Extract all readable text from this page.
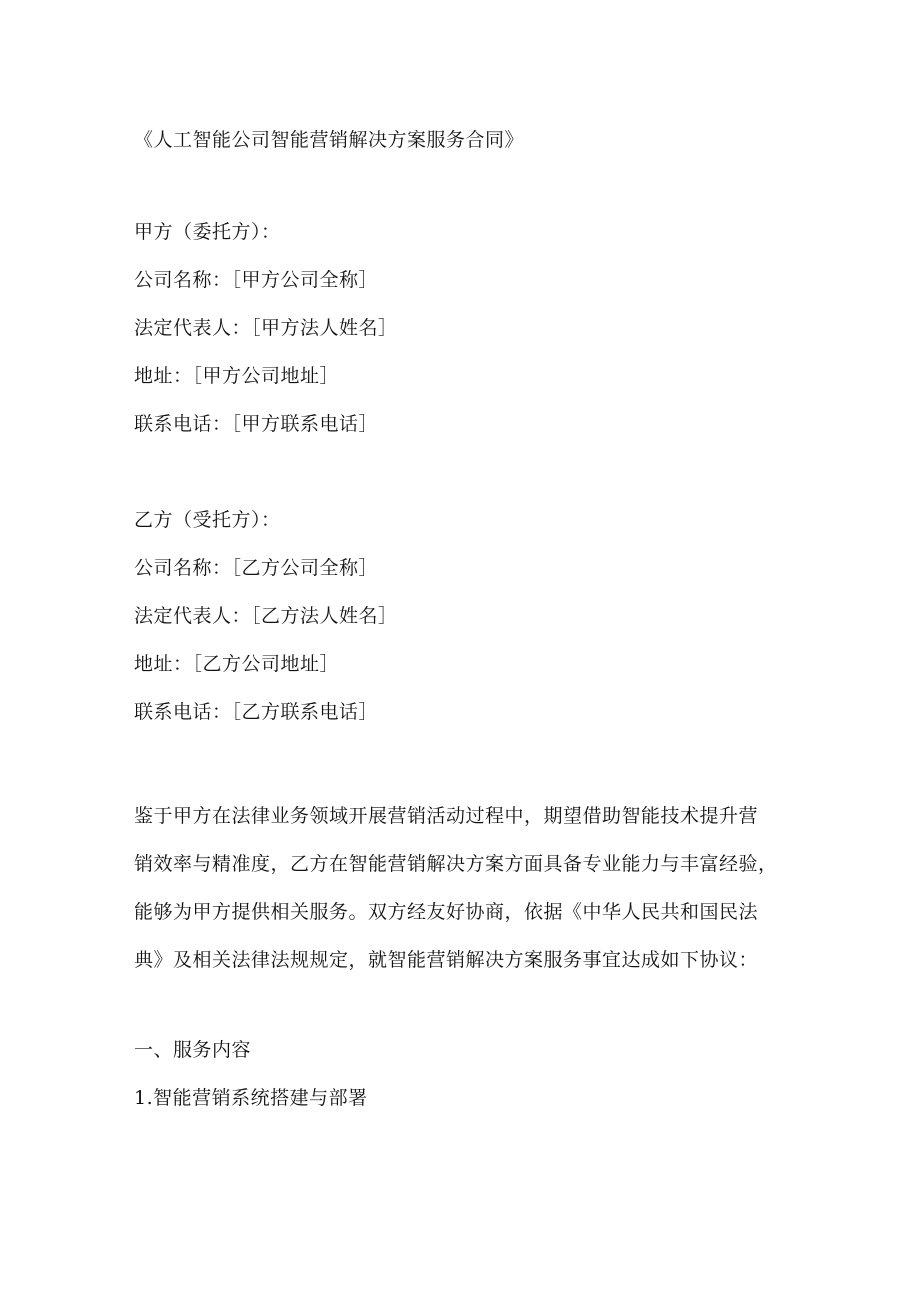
《人工智能公司智能营销解决方案服务合同》
甲方（委托方）：
公司名称：［甲方公司全称］
法定代表人：［甲方法人姓名］
地址：［甲方公司地址］
联系电话：［甲方联系电话］
乙方（受托方）：
公司名称：［乙方公司全称］
法定代表人：［乙方法人姓名］
地址：［乙方公司地址］
联系电话：［乙方联系电话］
鉴于甲方在法律业务领域开展营销活动过程中，期望借助智能技术提升营
销效率与精准度，乙方在智能营销解决方案方面具备专业能力与丰富经验，
能够为甲方提供相关服务。双方经友好协商，依据《中华人民共和国民法
典》及相关法律法规规定，就智能营销解决方案服务事宜达成如下协议：
一、服务内容
1.智能营销系统搭建与部署
